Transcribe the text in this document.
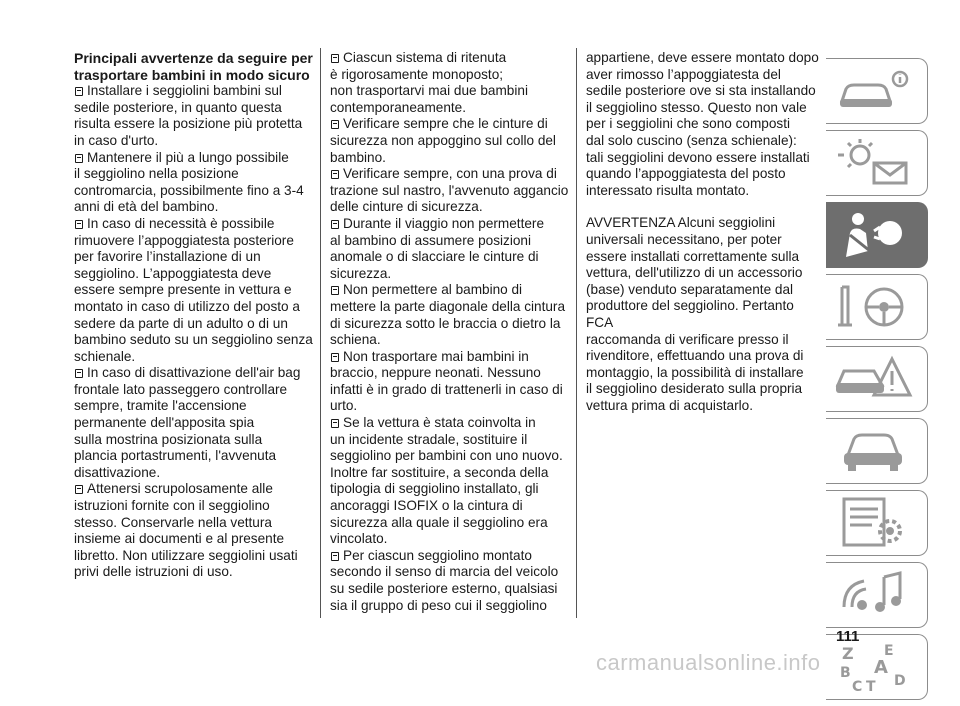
Principali avvertenze da seguire per
trasportare bambini in modo sicuro

Installare i seggiolini bambini sul
sedile posteriore, in quanto questa
risulta essere la posizione più protetta
in caso d'urto.

Mantenere il più a lungo possibile
il seggiolino nella posizione
contromarcia, possibilmente fino a 3-4
anni di età del bambino.

In caso di necessità è possibile
rimuovere l’appoggiatesta posteriore
per favorire l’installazione di un
seggiolino. L’appoggiatesta deve
essere sempre presente in vettura e
montato in caso di utilizzo del posto a
sedere da parte di un adulto o di un
bambino seduto su un seggiolino senza
schienale.

In caso di disattivazione dell'air bag
frontale lato passeggero controllare
sempre, tramite l'accensione
permanente dell'apposita spia
sulla mostrina posizionata sulla
plancia portastrumenti, l'avvenuta
disattivazione.

Attenersi scrupolosamente alle
istruzioni fornite con il seggiolino
stesso. Conservarle nella vettura
insieme ai documenti e al presente
libretto. Non utilizzare seggiolini usati
privi delle istruzioni di uso.

Ciascun sistema di ritenuta
è rigorosamente monoposto;
non trasportarvi mai due bambini
contemporaneamente.

Verificare sempre che le cinture di
sicurezza non appoggino sul collo del
bambino.

Verificare sempre, con una prova di
trazione sul nastro, l'avvenuto aggancio
delle cinture di sicurezza.

Durante il viaggio non permettere
al bambino di assumere posizioni
anomale o di slacciare le cinture di
sicurezza.

Non permettere al bambino di
mettere la parte diagonale della cintura
di sicurezza sotto le braccia o dietro la
schiena.

Non trasportare mai bambini in
braccio, neppure neonati. Nessuno
infatti è in grado di trattenerli in caso di
urto.

Se la vettura è stata coinvolta in
un incidente stradale, sostituire il
seggiolino per bambini con uno nuovo.
Inoltre far sostituire, a seconda della
tipologia di seggiolino installato, gli
ancoraggi ISOFIX o la cintura di
sicurezza alla quale il seggiolino era
vincolato.

Per ciascun seggiolino montato
secondo il senso di marcia del veicolo
su sedile posteriore esterno, qualsiasi
sia il gruppo di peso cui il seggiolino

appartiene, deve essere montato dopo
aver rimosso l’appoggiatesta del
sedile posteriore ove si sta installando
il seggiolino stesso. Questo non vale
per i seggiolini che sono composti
dal solo cuscino (senza schienale):
tali seggiolini devono essere installati
quando l’appoggiatesta del posto
interessato risulta montato.
AVVERTENZA Alcuni seggiolini
universali necessitano, per poter
essere installati correttamente sulla
vettura, dell'utilizzo di un accessorio
(base) venduto separatamente dal
produttore del seggiolino. Pertanto FCA
raccomanda di verificare presso il
rivenditore, effettuando una prova di
montaggio, la possibilità di installare
il seggiolino desiderato sulla propria
vettura prima di acquistarlo.
Z E
A
B
C T D
111
carmanualsonline.info
